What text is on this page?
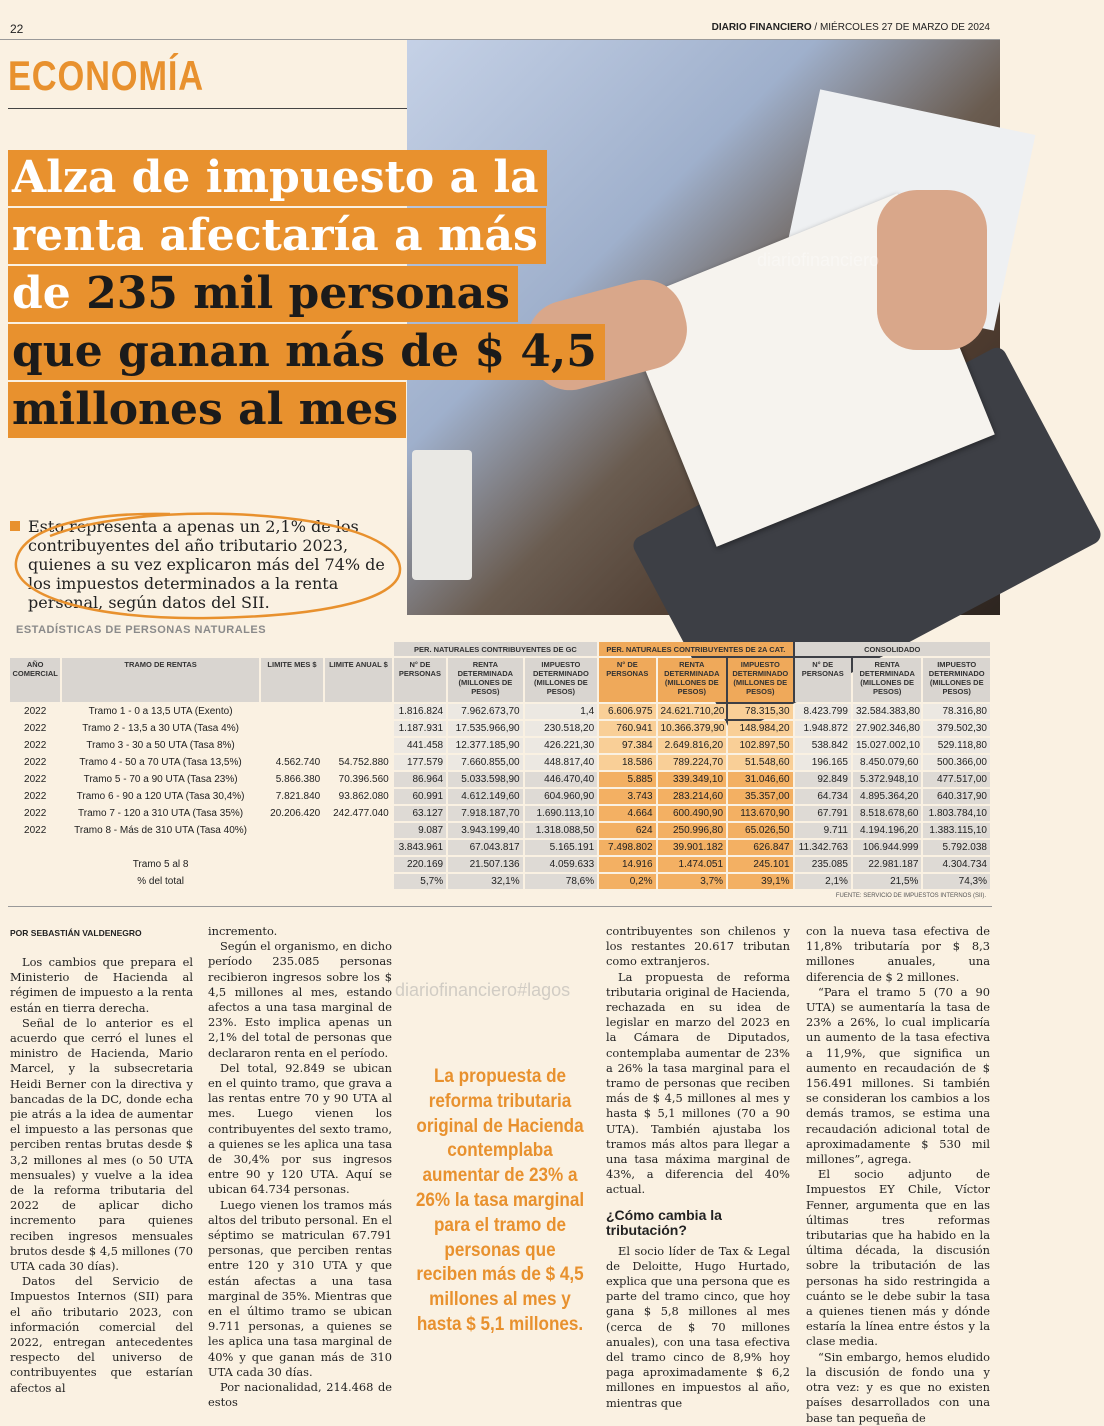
22	DIARIO FINANCIERO / MIÉRCOLES 27 DE MARZO DE 2024
ECONOMÍA
diariofinanciero
Alza de impuesto a la
renta afectaría a más
de 235 mil personas
que ganan más de $ 4,5
millones al mes
Esto representa a apenas un 2,1% de los contribuyentes del año tributario 2023, quienes a su vez explicaron más del 74% de los impuestos determinados a la renta personal, según datos del SII.
ESTADÍSTICAS DE PERSONAS NATURALES
				PER. NATURALES CONTRIBUYENTES DE GC			PER. NATURALES CONTRIBUYENTES DE 2A CAT.			CONSOLIDADO		
AÑO COMERCIAL	TRAMO DE RENTAS	LIMITE MES $	LIMITE ANUAL $	N° DE PERSONAS	RENTA DETERMINADA (MILLONES DE PESOS)	IMPUESTO DETERMINADO (MILLONES DE PESOS)	N° DE PERSONAS	RENTA DETERMINADA (MILLONES DE PESOS)	IMPUESTO DETERMINADO (MILLONES DE PESOS)	N° DE PERSONAS	RENTA DETERMINADA (MILLONES DE PESOS)	IMPUESTO DETERMINADO (MILLONES DE PESOS)
2022	Tramo 1 - 0 a 13,5 UTA (Exento)			1.816.824	7.962.673,70	1,4	6.606.975	24.621.710,20	78.315,30	8.423.799	32.584.383,80	78.316,80
2022	Tramo 2 - 13,5 a 30 UTA (Tasa 4%)			1.187.931	17.535.966,90	230.518,20	760.941	10.366.379,90	148.984,20	1.948.872	27.902.346,80	379.502,30
2022	Tramo 3 - 30 a 50 UTA (Tasa 8%)			441.458	12.377.185,90	426.221,30	97.384	2.649.816,20	102.897,50	538.842	15.027.002,10	529.118,80
2022	Tramo 4 - 50 a 70 UTA (Tasa 13,5%)	4.562.740	54.752.880	177.579	7.660.855,00	448.817,40	18.586	789.224,70	51.548,60	196.165	8.450.079,60	500.366,00
2022	Tramo 5 - 70 a 90 UTA (Tasa 23%)	5.866.380	70.396.560	86.964	5.033.598,90	446.470,40	5.885	339.349,10	31.046,60	92.849	5.372.948,10	477.517,00
2022	Tramo 6 - 90 a 120 UTA (Tasa 30,4%)	7.821.840	93.862.080	60.991	4.612.149,60	604.960,90	3.743	283.214,60	35.357,00	64.734	4.895.364,20	640.317,90
2022	Tramo 7 - 120 a 310 UTA (Tasa 35%)	20.206.420	242.477.040	63.127	7.918.187,70	1.690.113,10	4.664	600.490,90	113.670,90	67.791	8.518.678,60	1.803.784,10
2022	Tramo 8 - Más de 310 UTA (Tasa 40%)			9.087	3.943.199,40	1.318.088,50	624	250.996,80	65.026,50	9.711	4.194.196,20	1.383.115,10
				3.843.961	67.043.817	5.165.191	7.498.802	39.901.182	626.847	11.342.763	106.944.999	5.792.038
	Tramo 5 al 8			220.169	21.507.136	4.059.633	14.916	1.474.051	245.101	235.085	22.981.187	4.304.734
	% del total			5,7%	32,1%	78,6%	0,2%	3,7%	39,1%	2,1%	21,5%	74,3%
FUENTE: SERVICIO DE IMPUESTOS INTERNOS (SII).
POR SEBASTIÁN VALDENEGRO

Los cambios que prepara el Ministerio de Hacienda al régimen de impuesto a la renta están en tierra derecha.

Señal de lo anterior es el acuerdo que cerró el lunes el ministro de Hacienda, Mario Marcel, y la subsecretaria Heidi Berner con la directiva y bancadas de la DC, donde echa pie atrás a la idea de aumentar el impuesto a las personas que perciben rentas brutas desde $ 3,2 millones al mes (o 50 UTA mensuales) y vuelve a la idea de la reforma tributaria del 2022 de aplicar dicho incremento para quienes reciben ingresos mensuales brutos desde $ 4,5 millones (70 UTA cada 30 días).

Datos del Servicio de Impuestos Internos (SII) para el año tributario 2023, con información comercial del 2022, entregan antecedentes respecto del universo de contribuyentes que estarían afectos al

incremento.

Según el organismo, en dicho período 235.085 personas recibieron ingresos sobre los $ 4,5 millones al mes, estando afectos a una tasa marginal de 23%. Esto implica apenas un 2,1% del total de personas que declararon renta en el período.

Del total, 92.849 se ubican en el quinto tramo, que grava a las rentas entre 70 y 90 UTA al mes. Luego vienen los contribuyentes del sexto tramo, a quienes se les aplica una tasa de 30,4% por sus ingresos entre 90 y 120 UTA. Aquí se ubican 64.734 personas.

Luego vienen los tramos más altos del tributo personal. En el séptimo se matriculan 67.791 personas, que perciben rentas entre 120 y 310 UTA y que están afectas a una tasa marginal de 35%. Mientras que en el último tramo se ubican 9.711 personas, a quienes se les aplica una tasa marginal de 40% y que ganan más de 310 UTA cada 30 días.

Por nacionalidad, 214.468 de estos

diariofinanciero#lagos
La propuesta de reforma tributaria original de Hacienda contemplaba aumentar de 23% a 26% la tasa marginal para el tramo de personas que reciben más de $ 4,5 millones al mes y hasta $ 5,1 millones.

contribuyentes son chilenos y los restantes 20.617 tributan como extranjeros.

La propuesta de reforma tributaria original de Hacienda, rechazada en su idea de legislar en marzo del 2023 en la Cámara de Diputados, contemplaba aumentar de 23% a 26% la tasa marginal para el tramo de personas que reciben más de $ 4,5 millones al mes y hasta $ 5,1 millones (70 a 90 UTA). También ajustaba los tramos más altos para llegar a una tasa máxima marginal de 43%, a diferencia del 40% actual.

¿Cómo cambia la tributación?

El socio líder de Tax & Legal de Deloitte, Hugo Hurtado, explica que una persona que es parte del tramo cinco, que hoy gana $ 5,8 millones al mes (cerca de $ 70 millones anuales), con una tasa efectiva del tramo cinco de 8,9% hoy paga aproximadamente $ 6,2 millones en impuestos al año, mientras que

con la nueva tasa efectiva de 11,8% tributaría por $ 8,3 millones anuales, una diferencia de $ 2 millones.

“Para el tramo 5 (70 a 90 UTA) se aumentaría la tasa de 23% a 26%, lo cual implicaría un aumento de la tasa efectiva a 11,9%, que significa un aumento en recaudación de $ 156.491 millones. Si también se consideran los cambios a los demás tramos, se estima una recaudación adicional total de aproximadamente $ 530 mil millones”, agrega.

El socio adjunto de Impuestos EY Chile, Víctor Fenner, argumenta que en las últimas tres reformas tributarias que ha habido en la última década, la discusión sobre la tributación de las personas ha sido restringida a cuánto se le debe subir la tasa a quienes tienen más y dónde estaría la línea entre éstos y la clase media.

“Sin embargo, hemos eludido la discusión de fondo una y otra vez: y es que no existen países desarrollados con una base tan pequeña de
